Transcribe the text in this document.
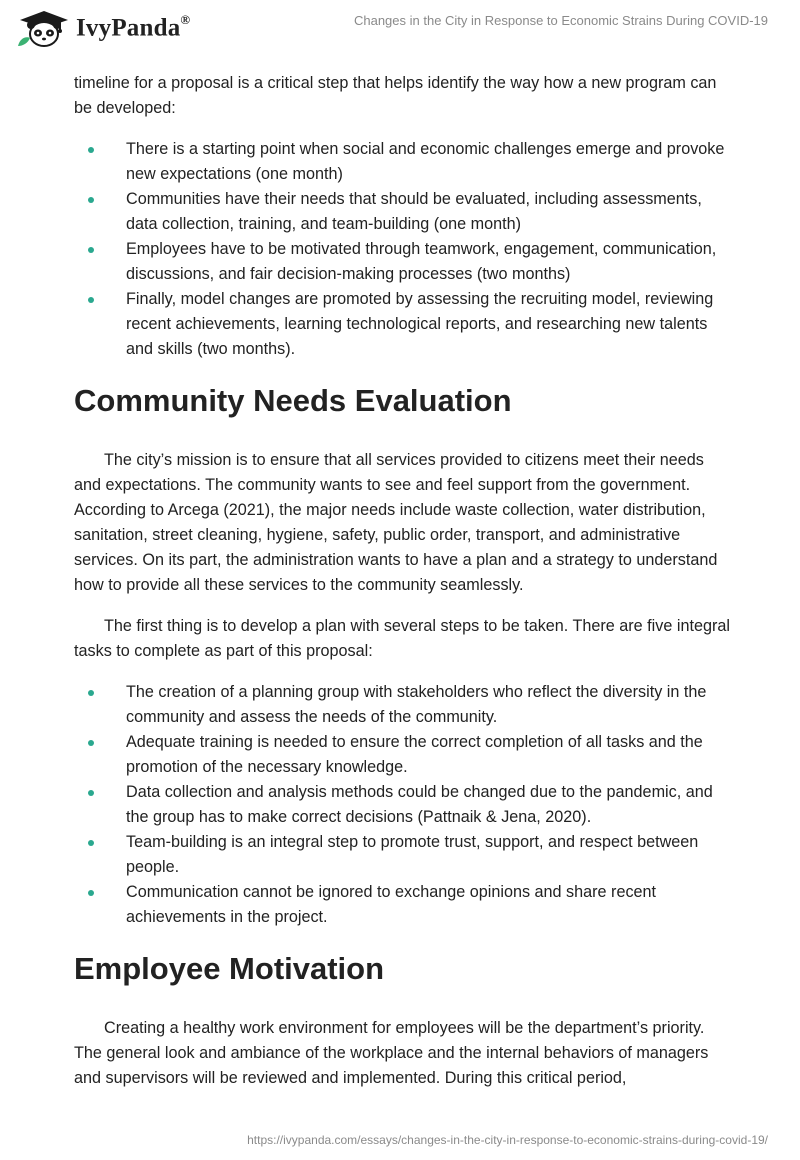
IvyPanda®	Changes in the City in Response to Economic Strains During COVID-19

timeline for a proposal is a critical step that helps identify the way how a new program can be developed:

There is a starting point when social and economic challenges emerge and provoke new expectations (one month)
Communities have their needs that should be evaluated, including assessments, data collection, training, and team-building (one month)
Employees have to be motivated through teamwork, engagement, communication, discussions, and fair decision-making processes (two months)
Finally, model changes are promoted by assessing the recruiting model, reviewing recent achievements, learning technological reports, and researching new talents and skills (two months).
Community Needs Evaluation

The city’s mission is to ensure that all services provided to citizens meet their needs and expectations. The community wants to see and feel support from the government. According to Arcega (2021), the major needs include waste collection, water distribution, sanitation, street cleaning, hygiene, safety, public order, transport, and administrative services. On its part, the administration wants to have a plan and a strategy to understand how to provide all these services to the community seamlessly.

The first thing is to develop a plan with several steps to be taken. There are five integral tasks to complete as part of this proposal:

The creation of a planning group with stakeholders who reflect the diversity in the community and assess the needs of the community.
Adequate training is needed to ensure the correct completion of all tasks and the promotion of the necessary knowledge.
Data collection and analysis methods could be changed due to the pandemic, and the group has to make correct decisions (Pattnaik & Jena, 2020).
Team-building is an integral step to promote trust, support, and respect between people.
Communication cannot be ignored to exchange opinions and share recent achievements in the project.
Employee Motivation

Creating a healthy work environment for employees will be the department’s priority. The general look and ambiance of the workplace and the internal behaviors of managers and supervisors will be reviewed and implemented. During this critical period,

https://ivypanda.com/essays/changes-in-the-city-in-response-to-economic-strains-during-covid-19/
